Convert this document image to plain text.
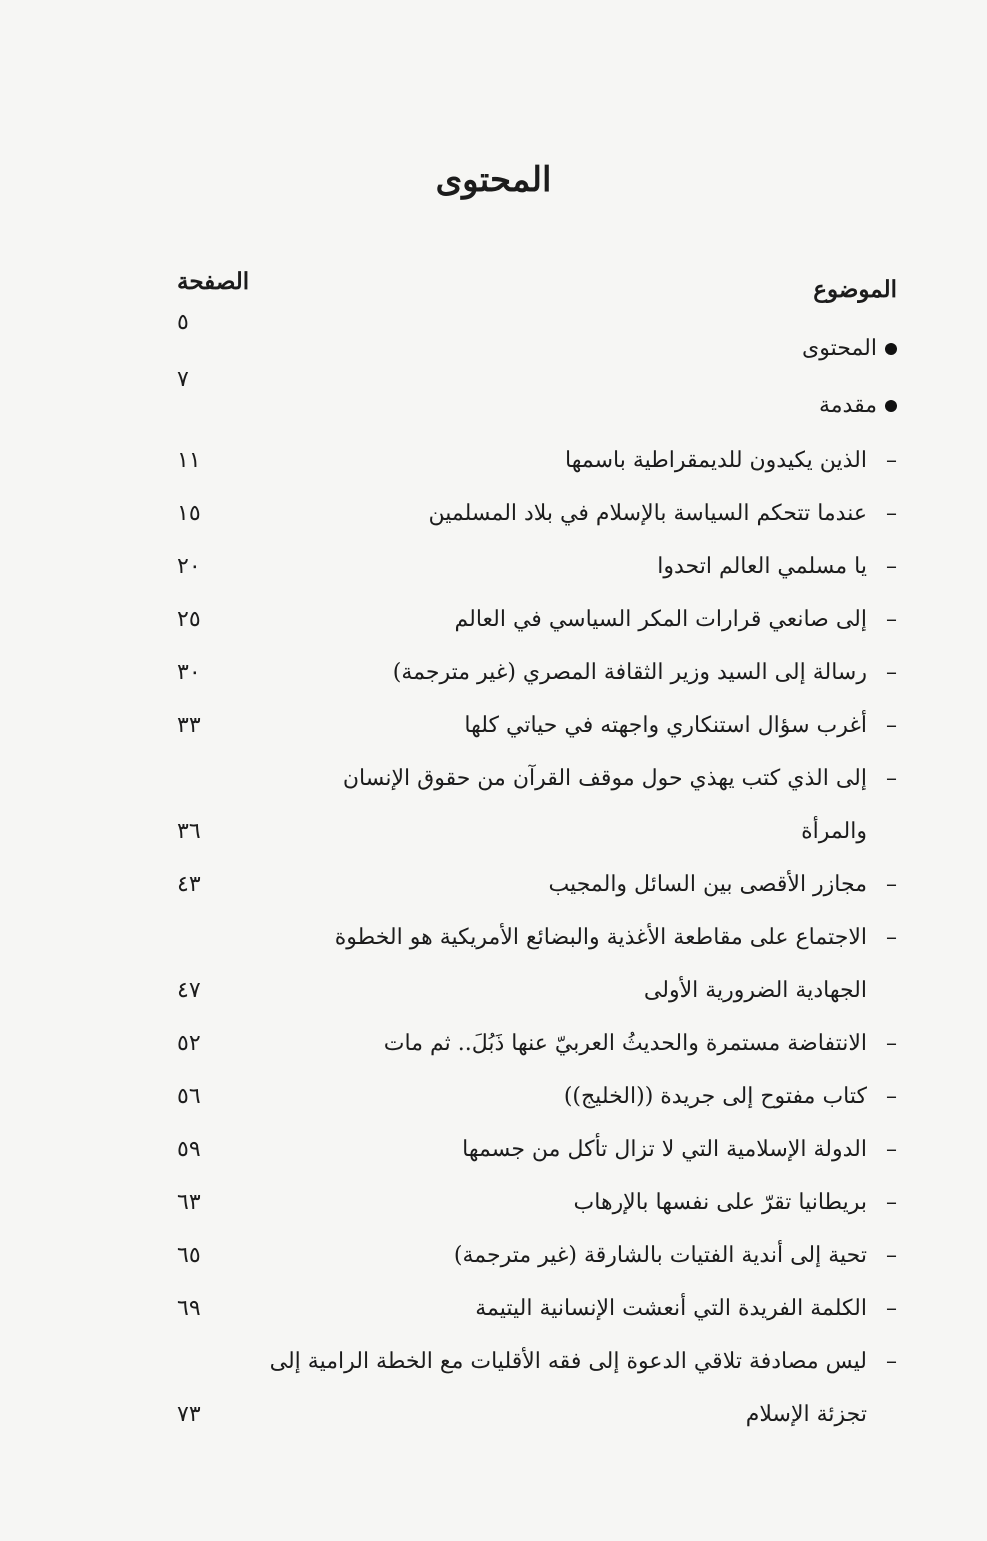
المحتوى
الموضوع
الصفحة
المحتوى
٥
مقدمة
٧
–الذين يكيدون للديمقراطية باسمها
١١
–عندما تتحكم السياسة بالإسلام في بلاد المسلمين
١٥
–يا مسلمي العالم اتحدوا
٢٠
–إلى صانعي قرارات المكر السياسي في العالم
٢٥
–رسالة إلى السيد وزير الثقافة المصري (غير مترجمة)
٣٠
–أغرب سؤال استنكاري واجهته في حياتي كلها
٣٣
–إلى الذي كتب يهذي حول موقف القرآن من حقوق الإنسان
والمرأة
٣٦
–مجازر الأقصى بين السائل والمجيب
٤٣
–الاجتماع على مقاطعة الأغذية والبضائع الأمريكية هو الخطوة
الجهادية الضرورية الأولى
٤٧
–الانتفاضة مستمرة والحديثُ العربيّ عنها ذَبُلَ.. ثم مات
٥٢
–كتاب مفتوح إلى جريدة ((الخليج))
٥٦
–الدولة الإسلامية التي لا تزال تأكل من جسمها
٥٩
–بريطانيا تقرّ على نفسها بالإرهاب
٦٣
–تحية إلى أندية الفتيات بالشارقة (غير مترجمة)
٦٥
–الكلمة الفريدة التي أنعشت الإنسانية اليتيمة
٦٩
–ليس مصادفة تلاقي الدعوة إلى فقه الأقليات مع الخطة الرامية إلى
تجزئة الإسلام
٧٣
